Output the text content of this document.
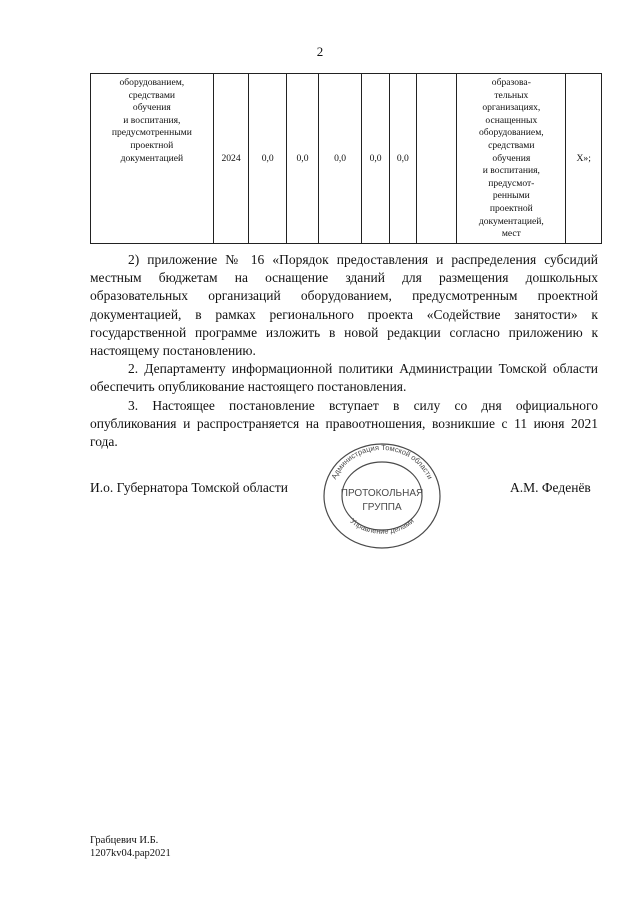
2
оборудованием,
средствами
обучения
и воспитания,
предусмотренными
проектной
документацией	2024	0,0	0,0	0,0	0,0	0,0		образова-
тельных
организациях,
оснащенных
оборудованием,
средствами
обучения
и воспитания,
предусмот-
ренными
проектной
документацией,
мест	Х»;

2) приложение № 16 «Порядок предоставления и распределения субсидий местным бюджетам на оснащение зданий для размещения дошкольных образовательных организаций оборудованием, предусмотренным проектной документацией, в рамках регионального проекта «Содействие занятости» к государственной программе изложить в новой редакции согласно приложению к настоящему постановлению.

2. Департаменту информационной политики Администрации Томской области обеспечить опубликование настоящего постановления.

3. Настоящее постановление вступает в силу со дня официального опубликования и распространяется на правоотношения, возникшие с 11 июня 2021 года.

И.о. Губернатора Томской области	А.М. Феденёв
Администрация Томской области
Управление делами
ПРОТОКОЛЬНАЯ
ГРУППА
Грабцевич И.Б.
1207kv04.pap2021
